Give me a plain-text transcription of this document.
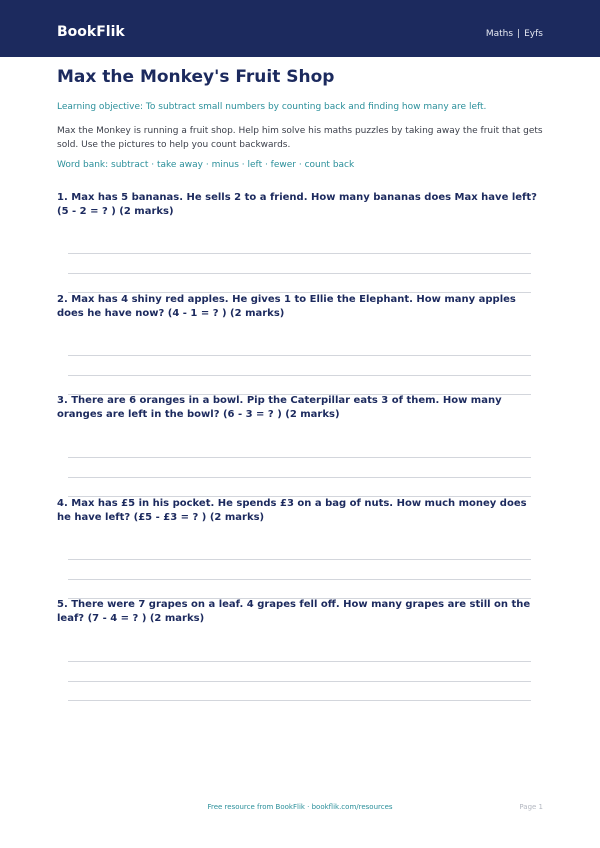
BookFlik	Maths | Eyfs
Max the Monkey's Fruit Shop
Learning objective: To subtract small numbers by counting back and finding how many are left.
Max the Monkey is running a fruit shop. Help him solve his maths puzzles by taking away the fruit that gets sold. Use the pictures to help you count backwards.
Word bank: subtract · take away · minus · left · fewer · count back
1. Max has 5 bananas. He sells 2 to a friend. How many bananas does Max have left? (5 - 2 = ? ) (2 marks)
2. Max has 4 shiny red apples. He gives 1 to Ellie the Elephant. How many apples does he have now? (4 - 1 = ? ) (2 marks)
3. There are 6 oranges in a bowl. Pip the Caterpillar eats 3 of them. How many oranges are left in the bowl? (6 - 3 = ? ) (2 marks)
4. Max has £5 in his pocket. He spends £3 on a bag of nuts. How much money does he have left? (£5 - £3 = ? ) (2 marks)
5. There were 7 grapes on a leaf. 4 grapes fell off. How many grapes are still on the leaf? (7 - 4 = ? ) (2 marks)
Free resource from BookFlik · bookflik.com/resources	Page 1
